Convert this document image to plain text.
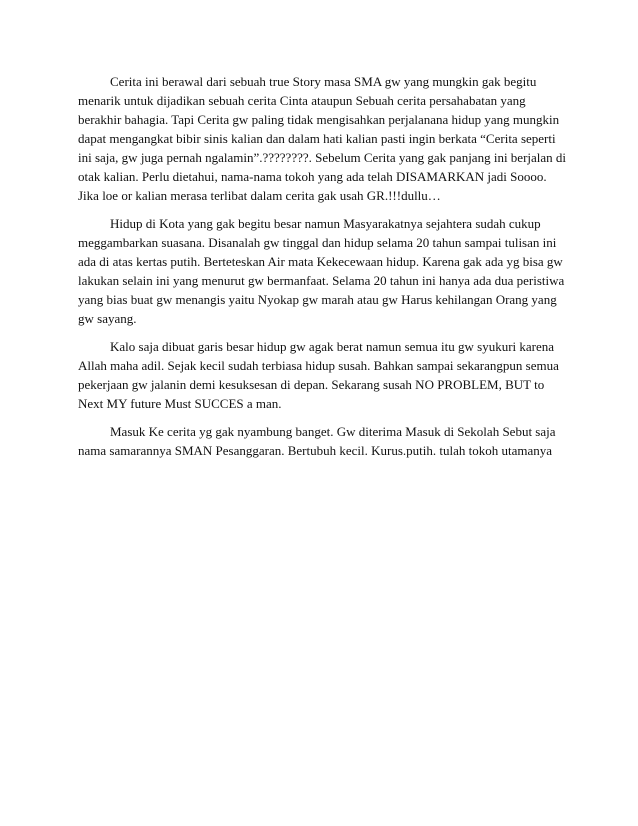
Cerita ini berawal dari sebuah true Story masa SMA gw yang mungkin gak begitu menarik untuk dijadikan sebuah cerita Cinta ataupun Sebuah cerita persahabatan yang berakhir bahagia. Tapi Cerita gw paling tidak mengisahkan perjalanana hidup yang mungkin dapat mengangkat bibir sinis kalian dan dalam hati kalian pasti ingin berkata “Cerita seperti ini saja, gw juga pernah ngalamin”.????????. Sebelum Cerita yang gak panjang ini berjalan di otak kalian. Perlu dietahui, nama-nama tokoh yang ada telah DISAMARKAN jadi Soooo. Jika loe or kalian merasa terlibat dalam cerita gak usah GR.!!!dullu…

Hidup di Kota yang gak begitu besar namun Masyarakatnya sejahtera sudah cukup meggambarkan suasana. Disanalah gw tinggal dan hidup selama 20 tahun sampai tulisan ini ada di atas kertas putih. Berteteskan Air mata Kekecewaan hidup. Karena gak ada yg bisa gw lakukan selain ini yang menurut gw bermanfaat. Selama 20 tahun ini hanya ada dua peristiwa yang bias buat gw menangis yaitu Nyokap gw marah atau gw Harus kehilangan Orang yang gw sayang.

Kalo saja dibuat garis besar hidup gw agak berat namun semua itu gw syukuri karena Allah maha adil. Sejak kecil sudah terbiasa hidup susah. Bahkan sampai sekarangpun semua pekerjaan gw jalanin demi kesuksesan di depan. Sekarang susah NO PROBLEM, BUT to Next MY future Must SUCCES a man.

Masuk Ke cerita yg gak nyambung banget. Gw diterima Masuk di Sekolah Sebut saja nama samarannya SMAN Pesanggaran. Bertubuh kecil. Kurus.putih. tulah tokoh utamanya
